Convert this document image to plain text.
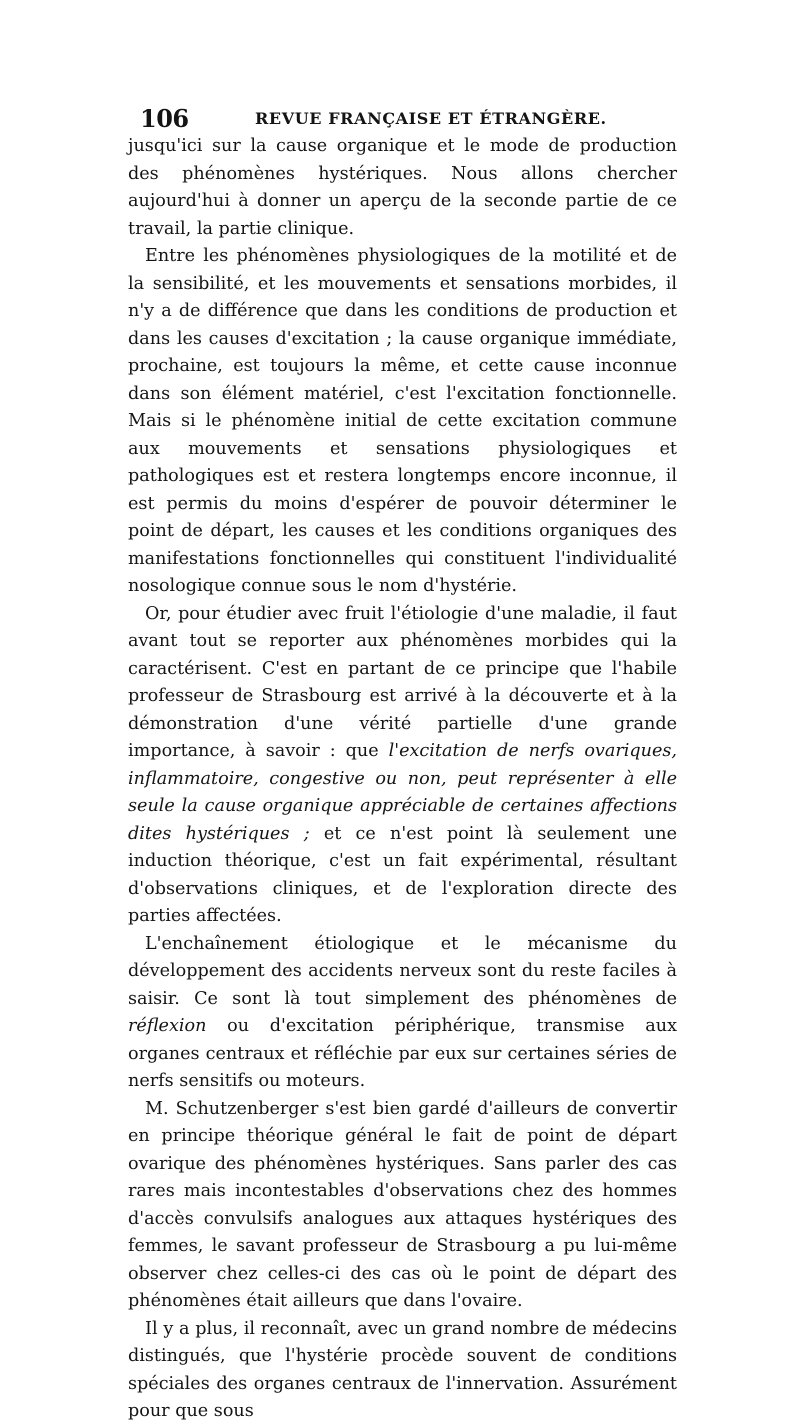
106	REVUE FRANÇAISE ET ÉTRANGÈRE.

jusqu'ici sur la cause organique et le mode de production des phénomènes hystériques. Nous allons chercher aujourd'hui à donner un aperçu de la seconde partie de ce travail, la partie clinique.

Entre les phénomènes physiologiques de la motilité et de la sensibilité, et les mouvements et sensations morbides, il n'y a de différence que dans les conditions de production et dans les causes d'excitation ; la cause organique immédiate, prochaine, est toujours la même, et cette cause inconnue dans son élément matériel, c'est l'excitation fonctionnelle. Mais si le phénomène initial de cette excitation commune aux mouvements et sensations physiologiques et pathologiques est et restera longtemps encore inconnue, il est permis du moins d'espérer de pouvoir déterminer le point de départ, les causes et les conditions organiques des manifestations fonctionnelles qui constituent l'individualité nosologique connue sous le nom d'hystérie.

Or, pour étudier avec fruit l'étiologie d'une maladie, il faut avant tout se reporter aux phénomènes morbides qui la caractérisent. C'est en partant de ce principe que l'habile professeur de Strasbourg est arrivé à la découverte et à la démonstration d'une vérité partielle d'une grande importance, à savoir : que l'excitation de nerfs ovariques, inflammatoire, congestive ou non, peut représenter à elle seule la cause organique appréciable de certaines affections dites hystériques ; et ce n'est point là seulement une induction théorique, c'est un fait expérimental, résultant d'observations cliniques, et de l'exploration directe des parties affectées.

L'enchaînement étiologique et le mécanisme du développement des accidents nerveux sont du reste faciles à saisir. Ce sont là tout simplement des phénomènes de réflexion ou d'excitation périphérique, transmise aux organes centraux et réfléchie par eux sur certaines séries de nerfs sensitifs ou moteurs.

M. Schutzenberger s'est bien gardé d'ailleurs de convertir en principe théorique général le fait de point de départ ovarique des phénomènes hystériques. Sans parler des cas rares mais incontestables d'observations chez des hommes d'accès convulsifs analogues aux attaques hystériques des femmes, le savant professeur de Strasbourg a pu lui-même observer chez celles-ci des cas où le point de départ des phénomènes était ailleurs que dans l'ovaire.

Il y a plus, il reconnaît, avec un grand nombre de médecins distingués, que l'hystérie procède souvent de conditions spéciales des organes centraux de l'innervation. Assurément pour que sous
